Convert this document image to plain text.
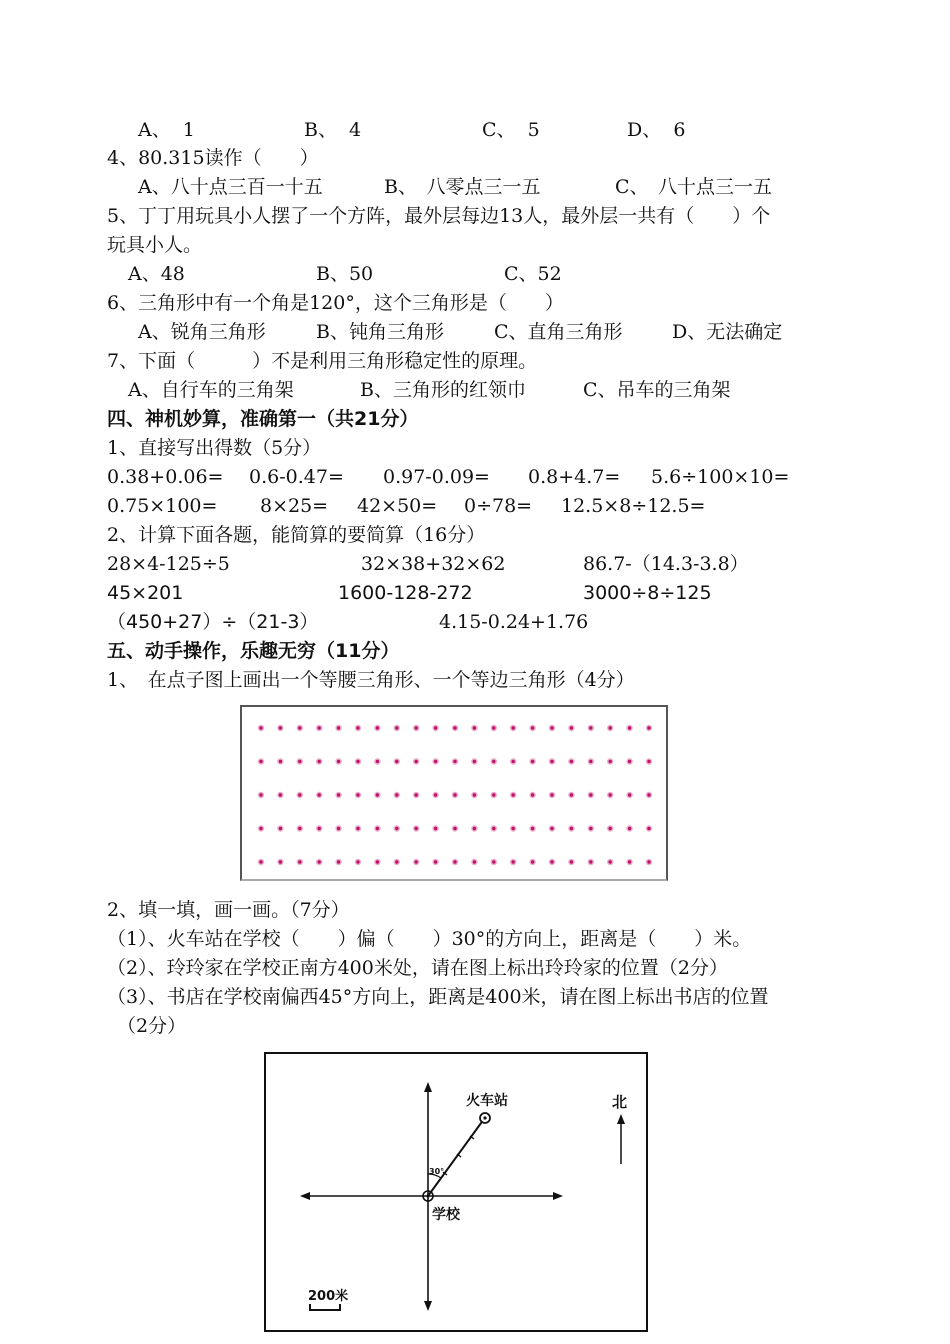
A、  1	B、  4	C、  5	D、  6
4、80.315读作（　　）
A、八十点三百一十五	B、　八零点三一五	C、　八十点三一五
5、丁丁用玩具小人摆了一个方阵，最外层每边13人，最外层一共有（　　）个
玩具小人。
A、48	B、50	C、52
6、三角形中有一个角是120°，这个三角形是（　　）
A、锐角三角形	B、钝角三角形	C、直角三角形	D、无法确定
7、下面（　　　）不是利用三角形稳定性的原理。
A、自行车的三角架	B、三角形的红领巾	C、吊车的三角架
四、神机妙算，准确第一（共21分）
1、直接写出得数（5分）
0.38+0.06= 0.6-0.47= 0.97-0.09= 0.8+4.7= 5.6÷100×10=
0.75×100= 8×25= 42×50= 0÷78= 12.5×8÷12.5=
2、计算下面各题，能简算的要简算（16分）
28×4-125÷5	32×38+32×62	86.7-（14.3-3.8）
45×201	1600-128-272	3000÷8÷125
（450+27）÷（21-3）	4.15-0.24+1.76
五、动手操作，乐趣无穷（11分）
1、　在点子图上画出一个等腰三角形、一个等边三角形（4分）
2、填一填，画一画。（7分）
（1）、火车站在学校（　　）偏（　　）30°的方向上，距离是（　　）米。
（2）、玲玲家在学校正南方400米处，请在图上标出玲玲家的位置（2分）
（3）、书店在学校南偏西45°方向上，距离是400米，请在图上标出书店的位置
（2分）
火车站
学校
北
30°
200米
